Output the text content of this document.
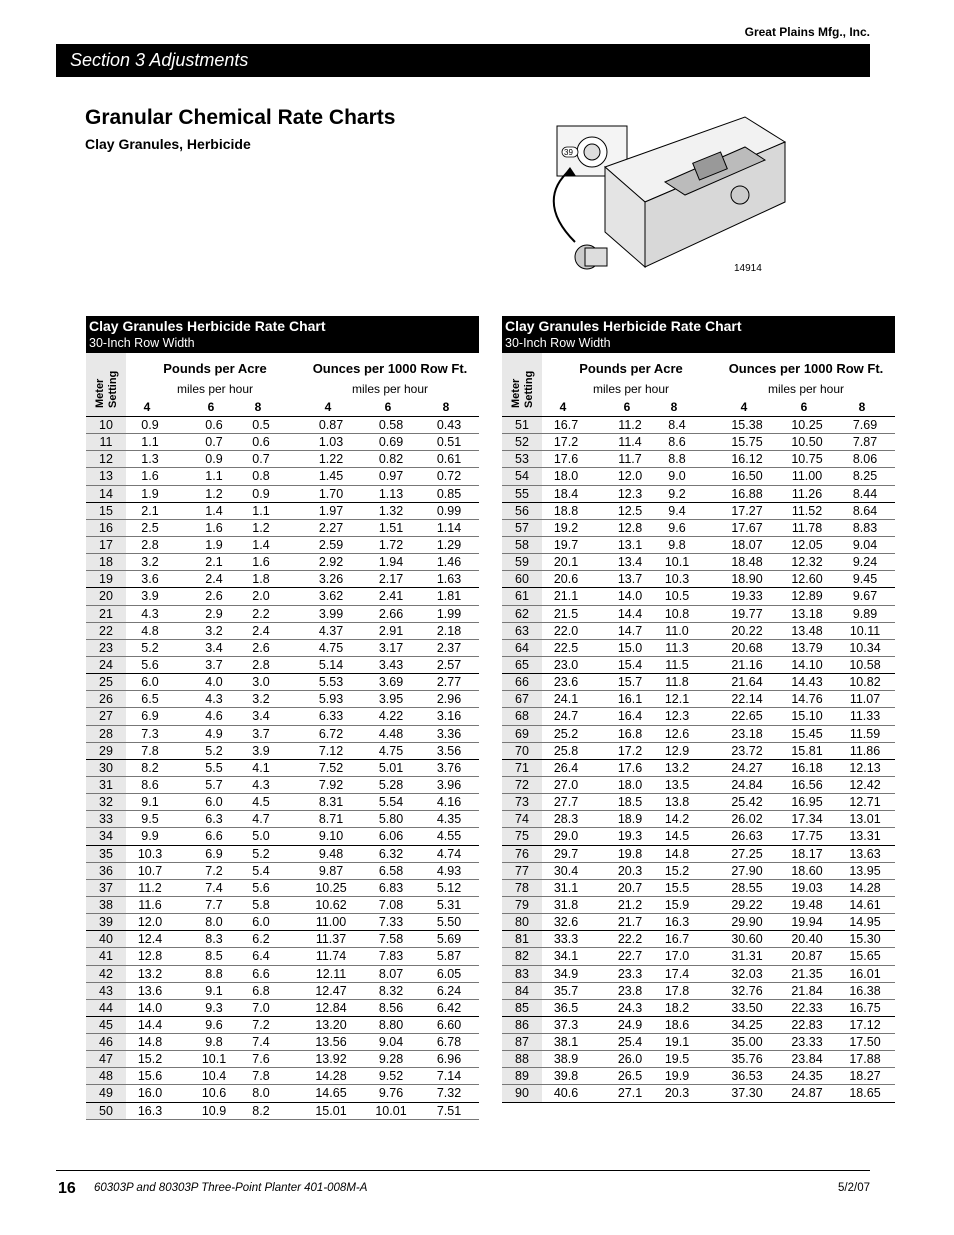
Great Plains Mfg., Inc.
Section 3 Adjustments
Granular Chemical Rate Charts
Clay Granules, Herbicide
39
14914
Clay Granules Herbicide Rate Chart
30-Inch Row Width
Meter Setting
Pounds per Acre	Ounces per 1000 Row Ft.
miles per hour	miles per hour
4	6	8	4	6	8
10	0.9	0.6	0.5	0.87	0.58	0.43
11	1.1	0.7	0.6	1.03	0.69	0.51
12	1.3	0.9	0.7	1.22	0.82	0.61
13	1.6	1.1	0.8	1.45	0.97	0.72
14	1.9	1.2	0.9	1.70	1.13	0.85
15	2.1	1.4	1.1	1.97	1.32	0.99
16	2.5	1.6	1.2	2.27	1.51	1.14
17	2.8	1.9	1.4	2.59	1.72	1.29
18	3.2	2.1	1.6	2.92	1.94	1.46
19	3.6	2.4	1.8	3.26	2.17	1.63
20	3.9	2.6	2.0	3.62	2.41	1.81
21	4.3	2.9	2.2	3.99	2.66	1.99
22	4.8	3.2	2.4	4.37	2.91	2.18
23	5.2	3.4	2.6	4.75	3.17	2.37
24	5.6	3.7	2.8	5.14	3.43	2.57
25	6.0	4.0	3.0	5.53	3.69	2.77
26	6.5	4.3	3.2	5.93	3.95	2.96
27	6.9	4.6	3.4	6.33	4.22	3.16
28	7.3	4.9	3.7	6.72	4.48	3.36
29	7.8	5.2	3.9	7.12	4.75	3.56
30	8.2	5.5	4.1	7.52	5.01	3.76
31	8.6	5.7	4.3	7.92	5.28	3.96
32	9.1	6.0	4.5	8.31	5.54	4.16
33	9.5	6.3	4.7	8.71	5.80	4.35
34	9.9	6.6	5.0	9.10	6.06	4.55
35	10.3	6.9	5.2	9.48	6.32	4.74
36	10.7	7.2	5.4	9.87	6.58	4.93
37	11.2	7.4	5.6	10.25	6.83	5.12
38	11.6	7.7	5.8	10.62	7.08	5.31
39	12.0	8.0	6.0	11.00	7.33	5.50
40	12.4	8.3	6.2	11.37	7.58	5.69
41	12.8	8.5	6.4	11.74	7.83	5.87
42	13.2	8.8	6.6	12.11	8.07	6.05
43	13.6	9.1	6.8	12.47	8.32	6.24
44	14.0	9.3	7.0	12.84	8.56	6.42
45	14.4	9.6	7.2	13.20	8.80	6.60
46	14.8	9.8	7.4	13.56	9.04	6.78
47	15.2	10.1	7.6	13.92	9.28	6.96
48	15.6	10.4	7.8	14.28	9.52	7.14
49	16.0	10.6	8.0	14.65	9.76	7.32
50	16.3	10.9	8.2	15.01	10.01	7.51
Clay Granules Herbicide Rate Chart
30-Inch Row Width
Meter Setting
Pounds per Acre	Ounces per 1000 Row Ft.
miles per hour	miles per hour
4	6	8	4	6	8
51	16.7	11.2	8.4	15.38	10.25	7.69
52	17.2	11.4	8.6	15.75	10.50	7.87
53	17.6	11.7	8.8	16.12	10.75	8.06
54	18.0	12.0	9.0	16.50	11.00	8.25
55	18.4	12.3	9.2	16.88	11.26	8.44
56	18.8	12.5	9.4	17.27	11.52	8.64
57	19.2	12.8	9.6	17.67	11.78	8.83
58	19.7	13.1	9.8	18.07	12.05	9.04
59	20.1	13.4	10.1	18.48	12.32	9.24
60	20.6	13.7	10.3	18.90	12.60	9.45
61	21.1	14.0	10.5	19.33	12.89	9.67
62	21.5	14.4	10.8	19.77	13.18	9.89
63	22.0	14.7	11.0	20.22	13.48	10.11
64	22.5	15.0	11.3	20.68	13.79	10.34
65	23.0	15.4	11.5	21.16	14.10	10.58
66	23.6	15.7	11.8	21.64	14.43	10.82
67	24.1	16.1	12.1	22.14	14.76	11.07
68	24.7	16.4	12.3	22.65	15.10	11.33
69	25.2	16.8	12.6	23.18	15.45	11.59
70	25.8	17.2	12.9	23.72	15.81	11.86
71	26.4	17.6	13.2	24.27	16.18	12.13
72	27.0	18.0	13.5	24.84	16.56	12.42
73	27.7	18.5	13.8	25.42	16.95	12.71
74	28.3	18.9	14.2	26.02	17.34	13.01
75	29.0	19.3	14.5	26.63	17.75	13.31
76	29.7	19.8	14.8	27.25	18.17	13.63
77	30.4	20.3	15.2	27.90	18.60	13.95
78	31.1	20.7	15.5	28.55	19.03	14.28
79	31.8	21.2	15.9	29.22	19.48	14.61
80	32.6	21.7	16.3	29.90	19.94	14.95
81	33.3	22.2	16.7	30.60	20.40	15.30
82	34.1	22.7	17.0	31.31	20.87	15.65
83	34.9	23.3	17.4	32.03	21.35	16.01
84	35.7	23.8	17.8	32.76	21.84	16.38
85	36.5	24.3	18.2	33.50	22.33	16.75
86	37.3	24.9	18.6	34.25	22.83	17.12
87	38.1	25.4	19.1	35.00	23.33	17.50
88	38.9	26.0	19.5	35.76	23.84	17.88
89	39.8	26.5	19.9	36.53	24.35	18.27
90	40.6	27.1	20.3	37.30	24.87	18.65
16 60303P and 80303P Three-Point Planter 401-008M-A	5/2/07
